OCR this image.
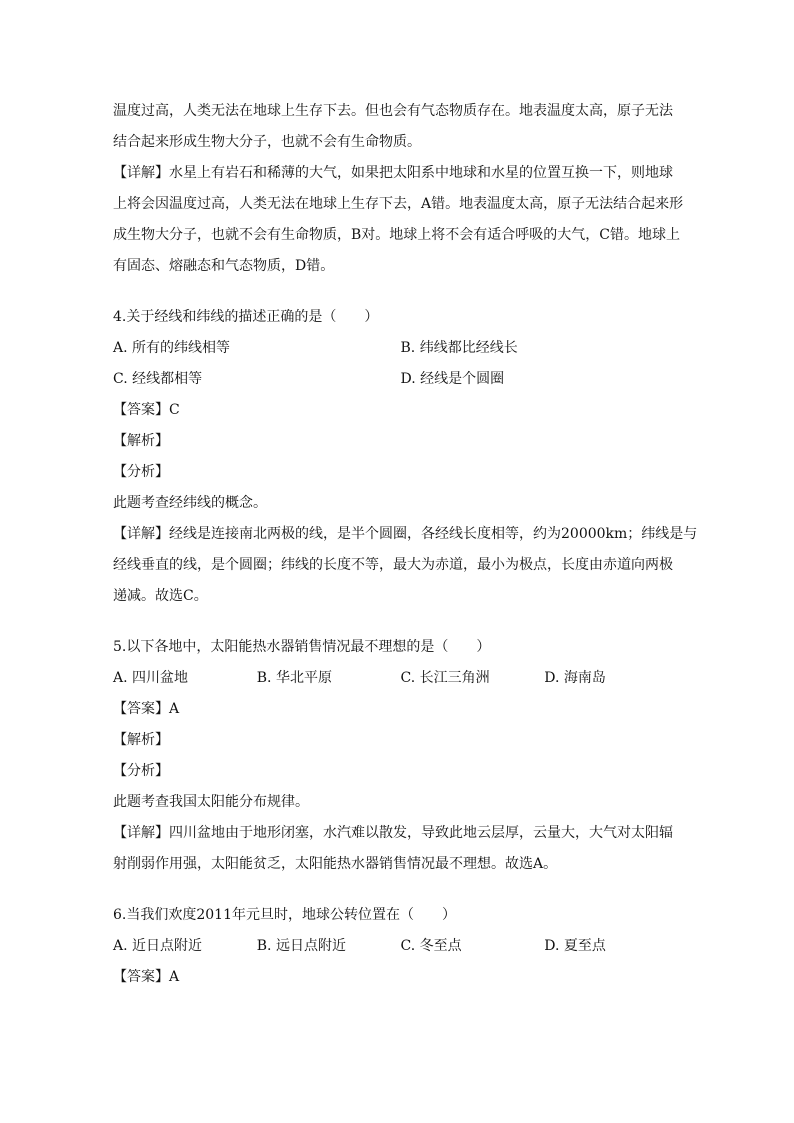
温度过高，人类无法在地球上生存下去。但也会有气态物质存在。地表温度太高，原子无法
结合起来形成生物大分子，也就不会有生命物质。
【详解】水星上有岩石和稀薄的大气，如果把太阳系中地球和水星的位置互换一下，则地球
上将会因温度过高，人类无法在地球上生存下去，A错。地表温度太高，原子无法结合起来形
成生物大分子，也就不会有生命物质，B对。地球上将不会有适合呼吸的大气，C错。地球上
有固态、熔融态和气态物质，D错。
4.关于经线和纬线的描述正确的是（　　）
A. 所有的纬线相等	B. 纬线都比经线长
C. 经线都相等	D. 经线是个圆圈
【答案】C
【解析】
【分析】
此题考查经纬线的概念。
【详解】经线是连接南北两极的线，是半个圆圈，各经线长度相等，约为20000km；纬线是与
经线垂直的线，是个圆圈；纬线的长度不等，最大为赤道，最小为极点，长度由赤道向两极
递减。故选C。
5.以下各地中，太阳能热水器销售情况最不理想的是（　　）
A. 四川盆地	B. 华北平原	C. 长江三角洲	D. 海南岛
【答案】A
【解析】
【分析】
此题考查我国太阳能分布规律。
【详解】四川盆地由于地形闭塞，水汽难以散发，导致此地云层厚，云量大，大气对太阳辐
射削弱作用强，太阳能贫乏，太阳能热水器销售情况最不理想。故选A。
6.当我们欢度2011年元旦时，地球公转位置在（　　）
A. 近日点附近	B. 远日点附近	C. 冬至点	D. 夏至点
【答案】A
